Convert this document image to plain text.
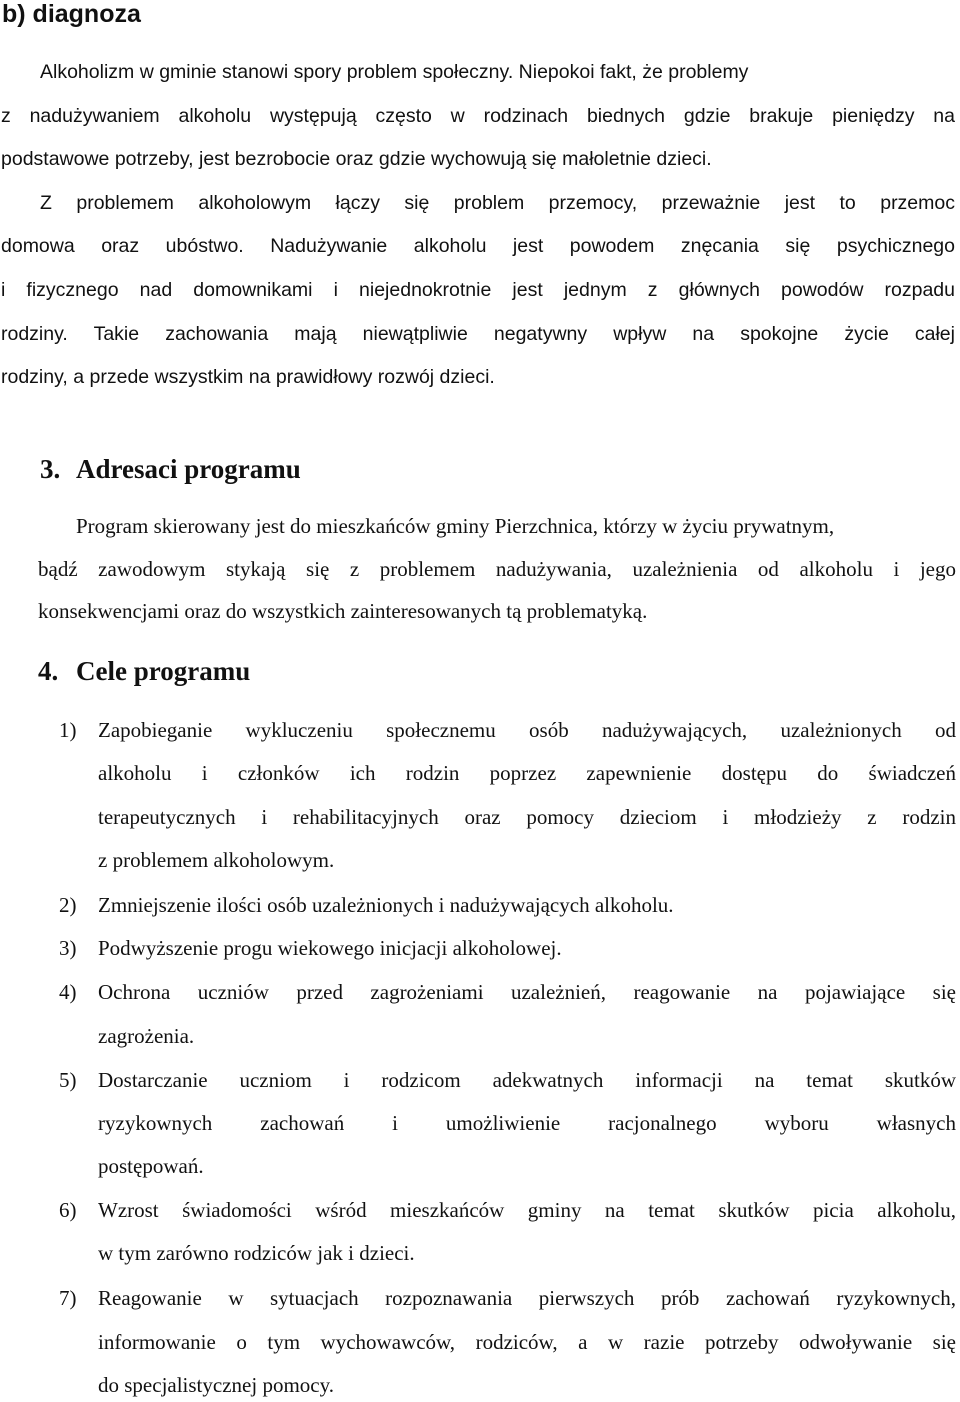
b) diagnoza
Alkoholizm w gminie stanowi spory problem społeczny. Niepokoi fakt, że problemy
z nadużywaniem alkoholu występują często w rodzinach biednych gdzie brakuje pieniędzy na
podstawowe potrzeby, jest bezrobocie oraz gdzie wychowują się małoletnie dzieci.
Z problemem alkoholowym łączy się problem przemocy, przeważnie jest to przemoc
domowa oraz ubóstwo. Nadużywanie alkoholu jest powodem znęcania się psychicznego
i fizycznego nad domownikami i niejednokrotnie jest jednym z głównych powodów rozpadu
rodziny. Takie zachowania mają niewątpliwie negatywny wpływ na spokojne życie całej
rodziny, a przede wszystkim na prawidłowy rozwój dzieci.
3. Adresaci programu
Program skierowany jest do mieszkańców gminy Pierzchnica, którzy w życiu prywatnym,
bądź zawodowym stykają się z problemem nadużywania, uzależnienia od alkoholu i jego
konsekwencjami oraz do wszystkich zainteresowanych tą problematyką.
4. Cele programu
1) Zapobieganie wykluczeniu społecznemu osób nadużywających, uzależnionych od
alkoholu i członków ich rodzin poprzez zapewnienie dostępu do świadczeń
terapeutycznych i rehabilitacyjnych oraz pomocy dzieciom i młodzieży z rodzin
z problemem alkoholowym.
2) Zmniejszenie ilości osób uzależnionych i nadużywających alkoholu.
3) Podwyższenie progu wiekowego inicjacji alkoholowej.
4) Ochrona uczniów przed zagrożeniami uzależnień, reagowanie na pojawiające się
zagrożenia.
5) Dostarczanie uczniom i rodzicom adekwatnych informacji na temat skutków
ryzykownych zachowań i umożliwienie racjonalnego wyboru własnych
postępowań.
6) Wzrost świadomości wśród mieszkańców gminy na temat skutków picia alkoholu,
w tym zarówno rodziców jak i dzieci.
7) Reagowanie w sytuacjach rozpoznawania pierwszych prób zachowań ryzykownych,
informowanie o tym wychowawców, rodziców, a w razie potrzeby odwoływanie się
do specjalistycznej pomocy.
